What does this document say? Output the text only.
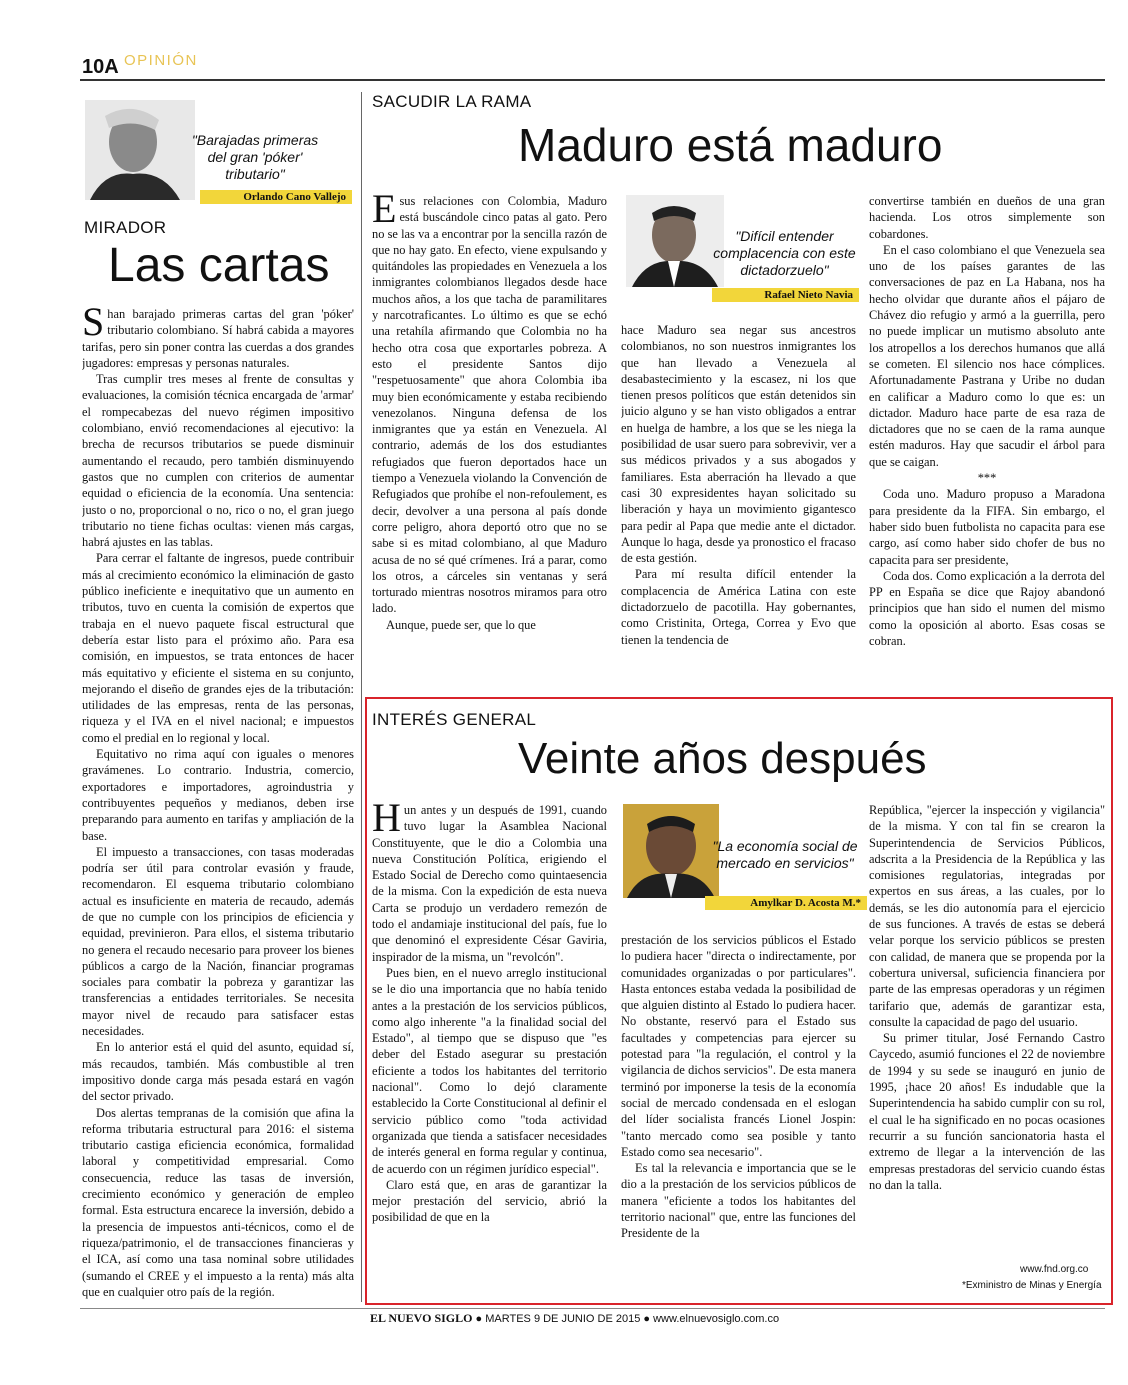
10A OPINIÓN
"Barajadas primeras del gran 'póker' tributario"
Orlando Cano Vallejo
MIRADOR
Las cartas

Shan barajado primeras cartas del gran 'póker' tributario colombiano. Sí habrá cabida a mayores tarifas, pero sin poner contra las cuerdas a dos grandes jugadores: empresas y personas naturales.

Tras cumplir tres meses al frente de consultas y evaluaciones, la comisión técnica encargada de 'armar' el rompecabezas del nuevo régimen impositivo colombiano, envió recomendaciones al ejecutivo: la brecha de recursos tributarios se puede disminuir aumentando el recaudo, pero también disminuyendo gastos que no cumplen con criterios de aumentar equidad o eficiencia de la economía. Una sentencia: justo o no, proporcional o no, rico o no, el gran juego tributario no tiene fichas ocultas: vienen más cargas, habrá ajustes en las tablas.

Para cerrar el faltante de ingresos, puede contribuir más al crecimiento económico la eliminación de gasto público ineficiente e inequitativo que un aumento en tributos, tuvo en cuenta la comisión de expertos que trabaja en el nuevo paquete fiscal estructural que debería estar listo para el próximo año. Para esa comisión, en impuestos, se trata entonces de hacer más equitativo y eficiente el sistema en su conjunto, mejorando el diseño de grandes ejes de la tributación: utilidades de las empresas, renta de las personas, riqueza y el IVA en el nivel nacional; e impuestos como el predial en lo regional y local.

Equitativo no rima aquí con iguales o menores gravámenes. Lo contrario. Industria, comercio, exportadores e importadores, agroindustria y contribuyentes pequeños y medianos, deben irse preparando para aumento en tarifas y ampliación de la base.

El impuesto a transacciones, con tasas moderadas podría ser útil para controlar evasión y fraude, recomendaron. El esquema tributario colombiano actual es insuficiente en materia de recaudo, además de que no cumple con los principios de eficiencia y equidad, previnieron. Para ellos, el sistema tributario no genera el recaudo necesario para proveer los bienes públicos a cargo de la Nación, financiar programas sociales para combatir la pobreza y garantizar las transferencias a entidades territoriales. Se necesita mayor nivel de recaudo para satisfacer estas necesidades.

En lo anterior está el quid del asunto, equidad sí, más recaudos, también. Más combustible al tren impositivo donde carga más pesada estará en vagón del sector privado.

Dos alertas tempranas de la comisión que afina la reforma tributaria estructural para 2016: el sistema tributario castiga eficiencia económica, formalidad laboral y competitividad empresarial. Como consecuencia, reduce las tasas de inversión, crecimiento económico y generación de empleo formal. Esta estructura encarece la inversión, debido a la presencia de impuestos anti-técnicos, como el de riqueza/patrimonio, el de transacciones financieras y el ICA, así como una tasa nominal sobre utilidades (sumando el CREE y el impuesto a la renta) más alta que en cualquier otro país de la región.

SACUDIR LA RAMA
Maduro está maduro

Esus relaciones con Colombia, Maduro está buscándole cinco patas al gato. Pero no se las va a encontrar por la sencilla razón de que no hay gato. En efecto, viene expulsando y quitándoles las propiedades en Venezuela a los inmigrantes colombianos llegados desde hace muchos años, a los que tacha de paramilitares y narcotraficantes. Lo último es que se echó una retahíla afirmando que Colombia no ha hecho otra cosa que exportarles pobreza. A esto el presidente Santos dijo "respetuosamente" que ahora Colombia iba muy bien económicamente y estaba recibiendo venezolanos. Ninguna defensa de los inmigrantes que ya están en Venezuela. Al contrario, además de los dos estudiantes refugiados que fueron deportados hace un tiempo a Venezuela violando la Convención de Refugiados que prohíbe el non-refoulement, es decir, devolver a una persona al país donde corre peligro, ahora deportó otro que no se sabe si es mitad colombiano, al que Maduro acusa de no sé qué crímenes. Irá a parar, como los otros, a cárceles sin ventanas y será torturado mientras nosotros miramos para otro lado.

Aunque, puede ser, que lo que

"Difícil entender complacencia con este dictadorzuelo"
Rafael Nieto Navia

hace Maduro sea negar sus ancestros colombianos, no son nuestros inmigrantes los que han llevado a Venezuela al desabastecimiento y la escasez, ni los que tienen presos políticos que están detenidos sin juicio alguno y se han visto obligados a entrar en huelga de hambre, a los que se les niega la posibilidad de usar suero para sobrevivir, ver a sus médicos privados y a sus abogados y familiares. Esta aberración ha llevado a que casi 30 expresidentes hayan solicitado su liberación y haya un movimiento gigantesco para pedir al Papa que medie ante el dictador. Aunque lo haga, desde ya pronostico el fracaso de esta gestión.

Para mí resulta difícil entender la complacencia de América Latina con este dictadorzuelo de pacotilla. Hay gobernantes, como Cristinita, Ortega, Correa y Evo que tienen la tendencia de

convertirse también en dueños de una gran hacienda. Los otros simplemente son cobardones.

En el caso colombiano el que Venezuela sea uno de los países garantes de las conversaciones de paz en La Habana, nos ha hecho olvidar que durante años el pájaro de Chávez dio refugio y armó a la guerrilla, pero no puede implicar un mutismo absoluto ante los atropellos a los derechos humanos que allá se cometen. El silencio nos hace cómplices. Afortunadamente Pastrana y Uribe no dudan en calificar a Maduro como lo que es: un dictador. Maduro hace parte de esa raza de dictadores que no se caen de la rama aunque estén maduros. Hay que sacudir el árbol para que se caigan.

***

Coda uno. Maduro propuso a Maradona para presidente da la FIFA. Sin embargo, el haber sido buen futbolista no capacita para ese cargo, así como haber sido chofer de bus no capacita para ser presidente,

Coda dos. Como explicación a la derrota del PP en España se dice que Rajoy abandonó principios que han sido el numen del mismo como la oposición al aborto. Esas cosas se cobran.

INTERÉS GENERAL
Veinte años después

Hun antes y un después de 1991, cuando tuvo lugar la Asamblea Nacional Constituyente, que le dio a Colombia una nueva Constitución Política, erigiendo el Estado Social de Derecho como quintaesencia de la misma. Con la expedición de esta nueva Carta se produjo un verdadero remezón de todo el andamiaje institucional del país, fue lo que denominó el expresidente César Gaviria, inspirador de la misma, un "revolcón".

Pues bien, en el nuevo arreglo institucional se le dio una importancia que no había tenido antes a la prestación de los servicios públicos, como algo inherente "a la finalidad social del Estado", al tiempo que se dispuso que "es deber del Estado asegurar su prestación eficiente a todos los habitantes del territorio nacional". Como lo dejó claramente establecido la Corte Constitucional al definir el servicio público como "toda actividad organizada que tienda a satisfacer necesidades de interés general en forma regular y continua, de acuerdo con un régimen jurídico especial".

Claro está que, en aras de garantizar la mejor prestación del servicio, abrió la posibilidad de que en la

"La economía social de mercado en servicios"
Amylkar D. Acosta M.*

prestación de los servicios públicos el Estado lo pudiera hacer "directa o indirectamente, por comunidades organizadas o por particulares". Hasta entonces estaba vedada la posibilidad de que alguien distinto al Estado lo pudiera hacer. No obstante, reservó para el Estado sus facultades y competencias para ejercer su potestad para "la regulación, el control y la vigilancia de dichos servicios". De esta manera terminó por imponerse la tesis de la economía social de mercado condensada en el eslogan del líder socialista francés Lionel Jospin: "tanto mercado como sea posible y tanto Estado como sea necesario".

Es tal la relevancia e importancia que se le dio a la prestación de los servicios públicos de manera "eficiente a todos los habitantes del territorio nacional" que, entre las funciones del Presidente de la

República, "ejercer la inspección y vigilancia" de la misma. Y con tal fin se crearon la Superintendencia de Servicios Públicos, adscrita a la Presidencia de la República y las comisiones regulatorias, integradas por expertos en sus áreas, a las cuales, por lo demás, se les dio autonomía para el ejercicio de sus funciones. A través de estas se deberá velar porque los servicio públicos se presten con calidad, de manera que se propenda por la cobertura universal, suficiencia financiera por parte de las empresas operadoras y un régimen tarifario que, además de garantizar esta, consulte la capacidad de pago del usuario.

Su primer titular, José Fernando Castro Caycedo, asumió funciones el 22 de noviembre de 1994 y su sede se inauguró en junio de 1995, ¡hace 20 años! Es indudable que la Superintendencia ha sabido cumplir con su rol, el cual le ha significado en no pocas ocasiones recurrir a su función sancionatoria hasta el extremo de llegar a la intervención de las empresas prestadoras del servicio cuando éstas no dan la talla.

www.fnd.org.co
*Exministro de Minas y Energía
EL NUEVO SIGLO ● MARTES 9 DE JUNIO DE 2015 ● www.elnuevosiglo.com.co
